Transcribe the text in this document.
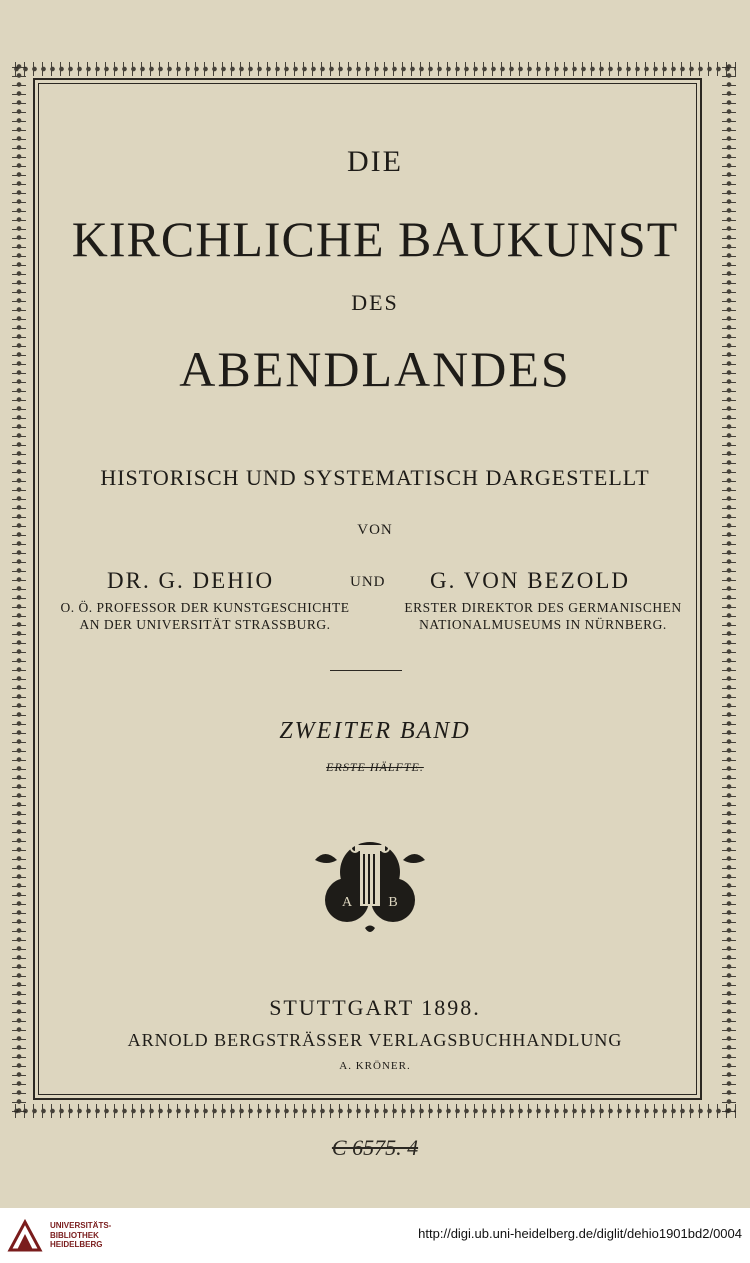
DIE

KIRCHLICHE BAUKUNST

DES

ABENDLANDES

HISTORISCH UND SYSTEMATISCH DARGESTELLT

VON

DR. G. DEHIO	UND G. VON BEZOLD
O. Ö. PROFESSOR DER KUNSTGESCHICHTE
AN DER UNIVERSITÄT STRASSBURG.
ERSTER DIREKTOR DES GERMANISCHEN
NATIONALMUSEUMS IN NÜRNBERG.

ZWEITER BAND

ERSTE HÄLFTE.

A	B

STUTTGART 1898.

ARNOLD BERGSTRÄSSER VERLAGSBUCHHANDLUNG

A. KRÖNER.

C 6575. 4

UNIVERSITÄTS-
BIBLIOTHEK
HEIDELBERG
http://digi.ub.uni-heidelberg.de/diglit/dehio1901bd2/0004
